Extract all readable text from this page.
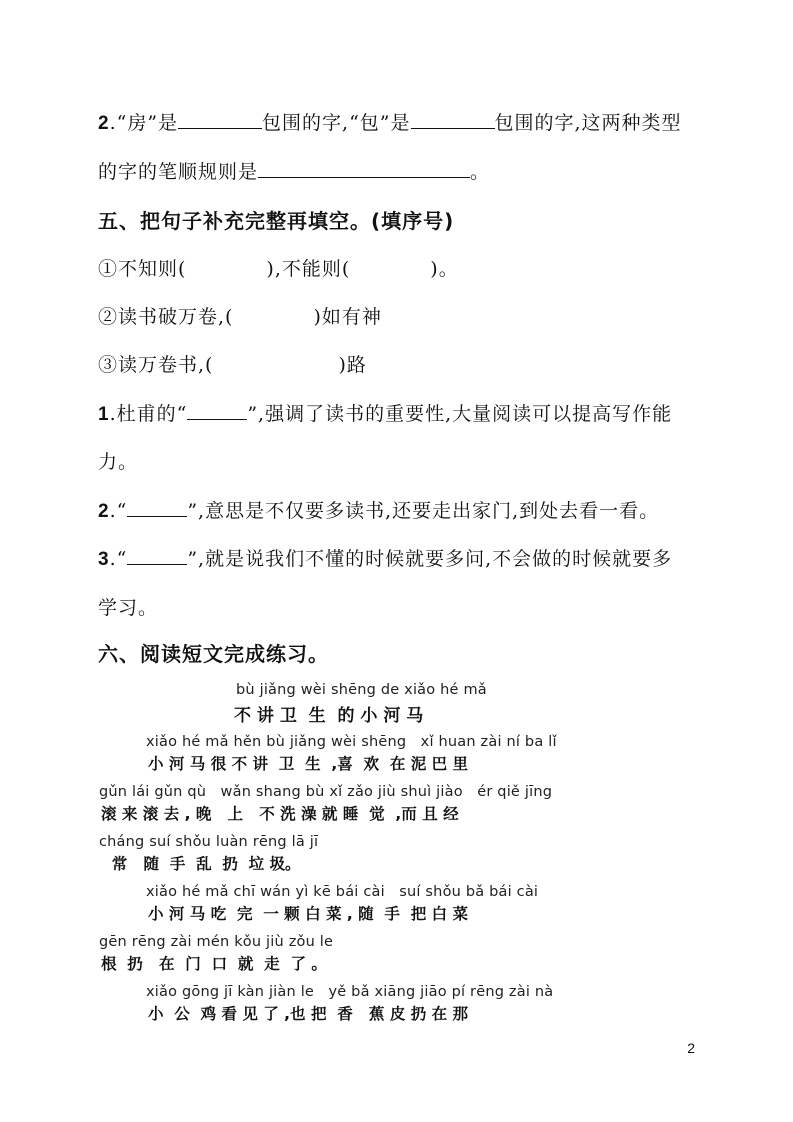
2.“房”是	包围的字,“包”是	包围的字,这两种类型
的字的笔顺规则是	。
五、把句子补充完整再填空。(填序号)
①不知则(	),不能则(	)。
②读书破万卷,(	)如有神
③读万卷书,(	)路
1.杜甫的“	”,强调了读书的重要性,大量阅读可以提高写作能
力。
2.“	”,意思是不仅要多读书,还要走出家门,到处去看一看。
3.“	”,就是说我们不懂的时候就要多问,不会做的时候就要多
学习。
六、阅读短文完成练习。
bù jiǎng wèi shēng de xiǎo hé mǎ
不 讲 卫  生  的 小 河 马
xiǎo hé mǎ hěn bù jiǎng wèi shēng   xǐ huan zài ní ba lǐ
小 河 马 很 不 讲  卫  生  ,喜  欢  在 泥 巴 里
gǔn lái gǔn qù   wǎn shang bù xǐ zǎo jiù shuì jiào   ér qiě jīng
滚 来 滚 去 , 晚   上   不 洗 澡 就 睡  觉  ,而 且 经
cháng suí shǒu luàn rēng lā jī
常   随  手  乱  扔  垃 圾。
xiǎo hé mǎ chī wán yì kē bái cài   suí shǒu bǎ bái cài
小 河 马 吃  完  一 颗 白 菜 , 随  手  把 白 菜
gēn rēng zài mén kǒu jiù zǒu le
根  扔   在  门  口  就  走  了 。
xiǎo gōng jī kàn jiàn le   yě bǎ xiāng jiāo pí rēng zài nà
小  公  鸡 看 见 了 ,也 把  香   蕉 皮 扔 在 那
2
